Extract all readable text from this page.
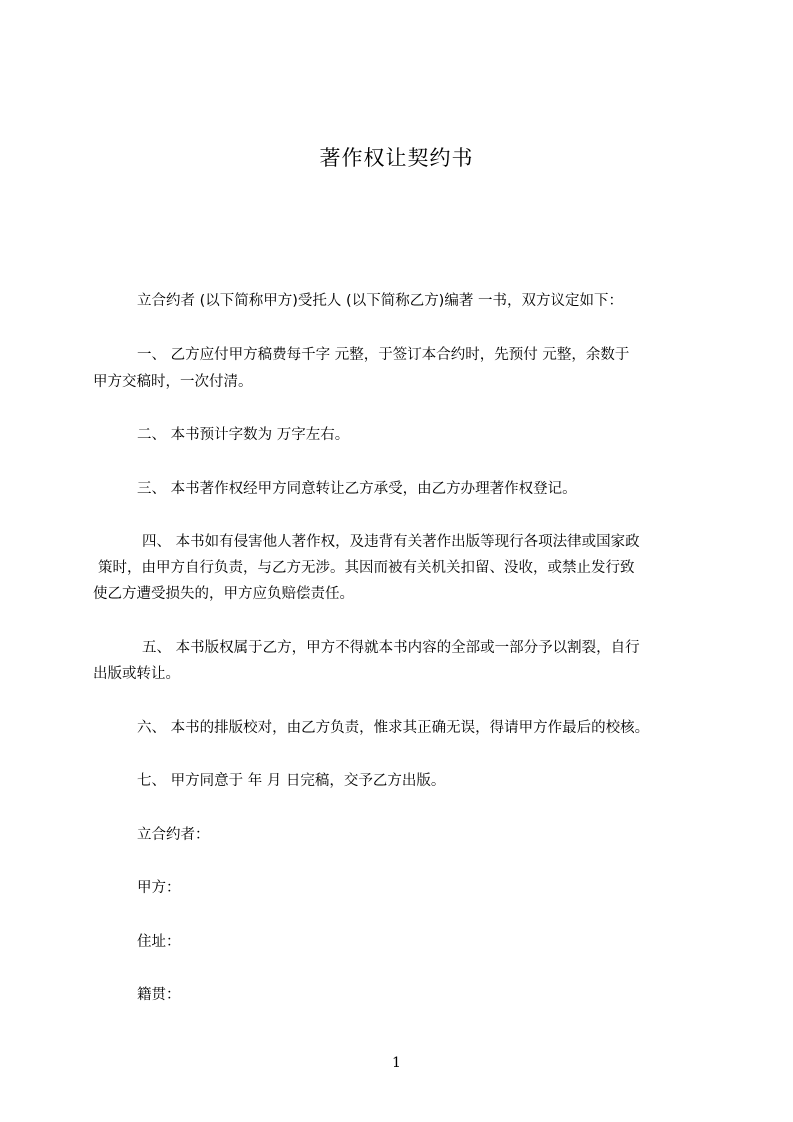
著作权让契约书
立合约者 (以下简称甲方)受托人 (以下简称乙方)编著 一书，双方议定如下：
一、 乙方应付甲方稿费每千字 元整，于签订本合约时，先预付 元整，余数于
甲方交稿时，一次付清。
二、 本书预计字数为 万字左右。
三、 本书著作权经甲方同意转让乙方承受，由乙方办理著作权登记。
四、 本书如有侵害他人著作权，及违背有关著作出版等现行各项法律或国家政
策时，由甲方自行负责，与乙方无涉。其因而被有关机关扣留、没收，或禁止发行致
使乙方遭受损失的，甲方应负赔偿责任。
五、 本书版权属于乙方，甲方不得就本书内容的全部或一部分予以割裂，自行
出版或转让。
六、 本书的排版校对，由乙方负责，惟求其正确无误，得请甲方作最后的校核。
七、 甲方同意于 年 月 日完稿，交予乙方出版。
立合约者：
甲方：
住址：
籍贯：
1
